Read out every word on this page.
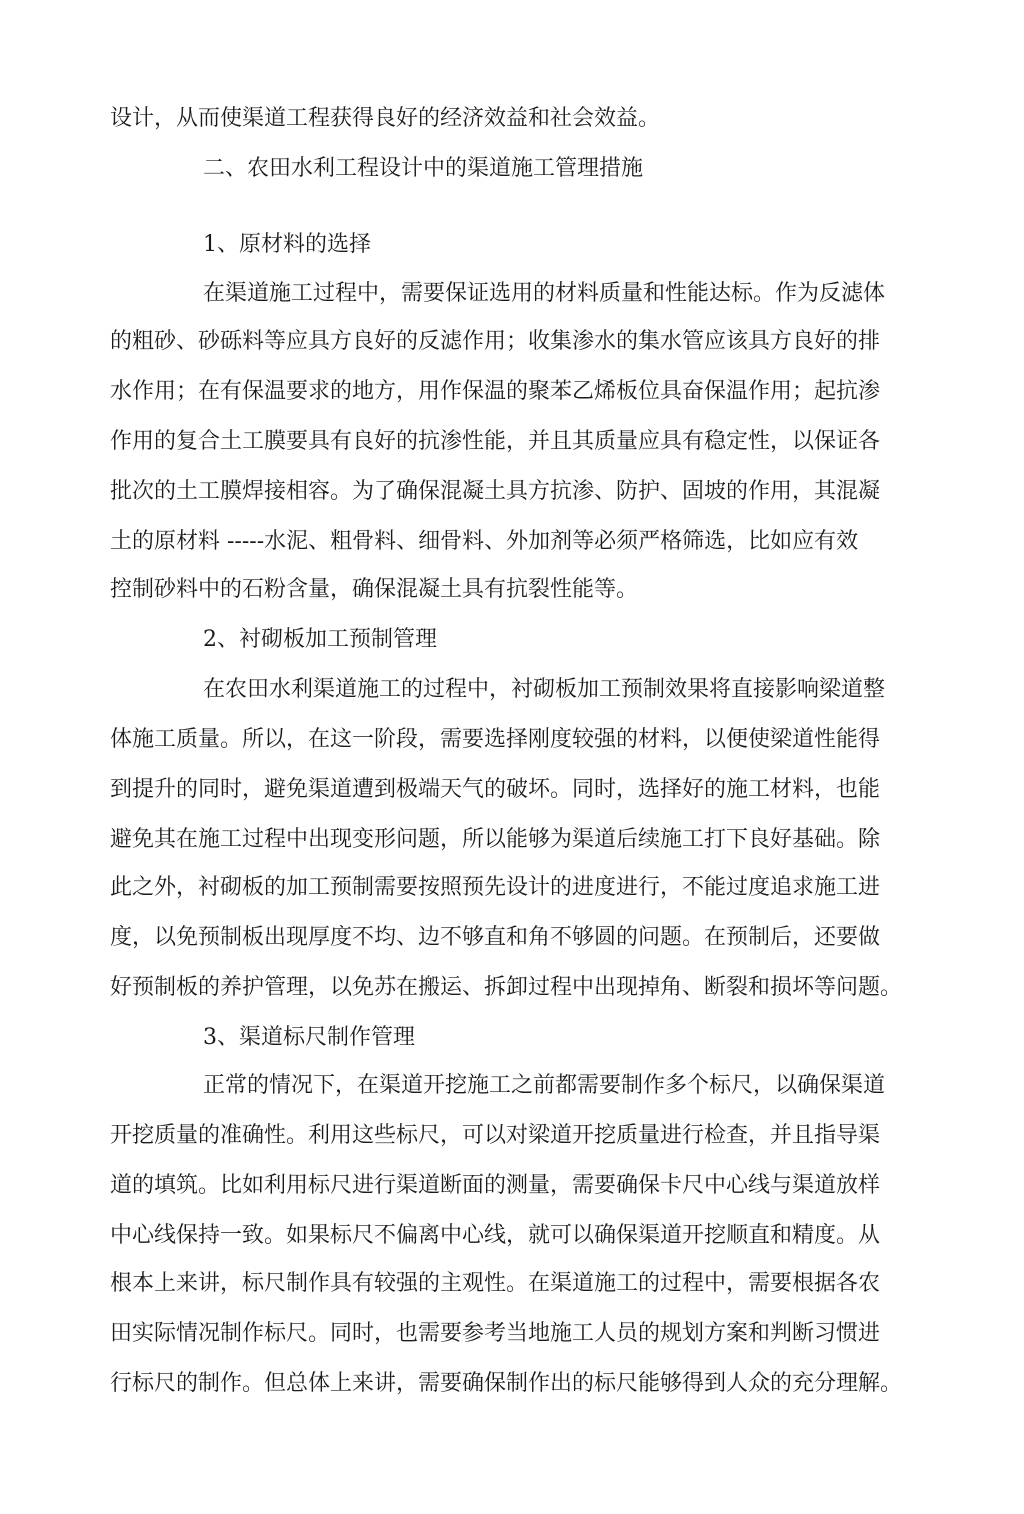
设计，从而使渠道工程获得良好的经济效益和社会效益。

二、农田水利工程设计中的渠道施工管理措施

1、原材料的选择

在渠道施工过程中，需要保证选用的材料质量和性能达标。作为反滤体

的粗砂、砂砾料等应具方良好的反滤作用；收集渗水的集水管应该具方良好的排

水作用；在有保温要求的地方，用作保温的聚苯乙烯板位具奋保温作用；起抗渗

作用的复合土工膜要具有良好的抗渗性能，并且其质量应具有稳定性，以保证各

批次的土工膜焊接相容。为了确保混凝土具方抗渗、防护、固坡的作用，其混凝

土的原材料 -----水泥、粗骨料、细骨料、外加剂等必须严格筛选，比如应有效

控制砂料中的石粉含量，确保混凝土具有抗裂性能等。

2、衬砌板加工预制管理

在农田水利渠道施工的过程中，衬砌板加工预制效果将直接影响梁道整

体施工质量。所以，在这一阶段，需要选择刚度较强的材料，以便使梁道性能得

到提升的同时，避免渠道遭到极端天气的破坏。同时，选择好的施工材料，也能

避免其在施工过程中出现变形问题，所以能够为渠道后续施工打下良好基础。除

此之外，衬砌板的加工预制需要按照预先设计的进度进行，不能过度追求施工进

度，以免预制板出现厚度不均、边不够直和角不够圆的问题。在预制后，还要做

好预制板的养护管理，以免苏在搬运、拆卸过程中出现掉角、断裂和损坏等问题。

3、渠道标尺制作管理

正常的情况下，在渠道开挖施工之前都需要制作多个标尺，以确保渠道

开挖质量的准确性。利用这些标尺，可以对梁道开挖质量进行检查，并且指导渠

道的填筑。比如利用标尺进行渠道断面的测量，需要确保卡尺中心线与渠道放样

中心线保持一致。如果标尺不偏离中心线，就可以确保渠道开挖顺直和精度。从

根本上来讲，标尺制作具有较强的主观性。在渠道施工的过程中，需要根据各农

田实际情况制作标尺。同时，也需要参考当地施工人员的规划方案和判断习惯进

行标尺的制作。但总体上来讲，需要确保制作出的标尺能够得到人众的充分理解。
